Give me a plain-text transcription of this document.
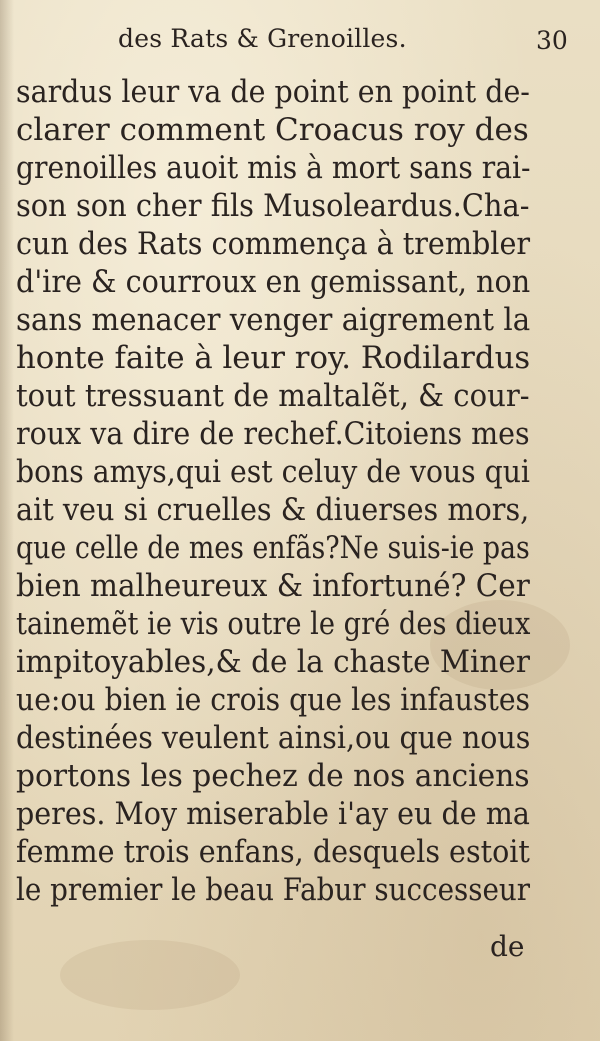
des Rats & Grenoilles.	30
sardus leur va de point en point de-
clarer comment Croacus roy des
grenoilles auoit mis à mort sans rai-
son son cher fils Musoleardus.Cha-
cun des Rats commença à trembler
d'ire & courroux en gemissant, non
sans menacer venger aigrement la
honte faite à leur roy. Rodilardus
tout tressuant de maltalẽt, & cour-
roux va dire de rechef.Citoiens mes
bons amys,qui est celuy de vous qui
ait veu si cruelles & diuerses mors,
que celle de mes enfãs?Ne suis-ie pas
bien malheureux & infortuné? Cer
tainemẽt ie vis outre le gré des dieux
impitoyables,& de la chaste Miner
ue:ou bien ie crois que les infaustes
destinées veulent ainsi,ou que nous
portons les pechez de nos anciens
peres. Moy miserable i'ay eu de ma
femme trois enfans, desquels estoit
le premier le beau Fabur successeur
de
